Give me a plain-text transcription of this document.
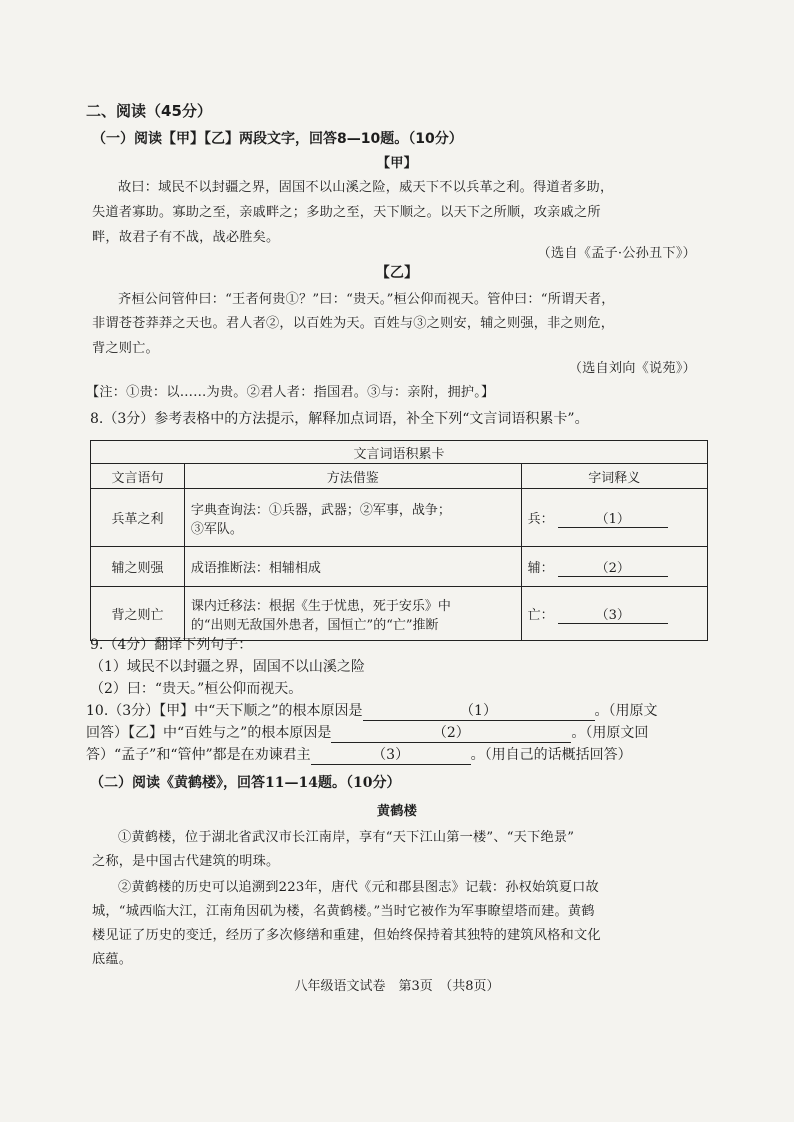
二、阅读（45分）
（一）阅读【甲】【乙】两段文字，回答8—10题。（10分）
【甲】
故曰：域民不以封疆之界，固国不以山溪之险，威天下不以兵革之利。得道者多助，
失道者寡助。寡助之至，亲戚畔之；多助之至，天下顺之。以天下之所顺，攻亲戚之所
畔，故君子有不战，战必胜矣。
（选自《孟子·公孙丑下》）
【乙】
齐桓公问管仲曰：“王者何贵①？”曰：“贵天。”桓公仰而视天。管仲曰：“所谓天者，
非谓苍苍莽莽之天也。君人者②，以百姓为天。百姓与③之则安，辅之则强，非之则危，
背之则亡。
（选自刘向《说苑》）
【注：①贵：以……为贵。②君人者：指国君。③与：亲附，拥护。】
8.（3分）参考表格中的方法提示，解释加点词语，补全下列“文言词语积累卡”。
文言词语积累卡		
文言语句	方法借鉴	字词释义
兵革之利	字典查询法：①兵器，武器；②军事，战争；
③军队。	兵： （1）
辅之则强	成语推断法：相辅相成	辅： （2）
背之则亡	课内迁移法：根据《生于忧患，死于安乐》中
的“出则无敌国外患者，国恒亡”的“亡”推断	亡： （3）
9.（4分）翻译下列句子：
（1）域民不以封疆之界，固国不以山溪之险
（2）曰：“贵天。”桓公仰而视天。
10.（3分）【甲】中“天下顺之”的根本原因是	（1）	。（用原文
回答）【乙】中“百姓与之”的根本原因是	（2）	。（用原文回
答）“孟子”和“管仲”都是在劝谏君主	（3）	。（用自己的话概括回答）
（二）阅读《黄鹤楼》，回答11—14题。（10分）
黄鹤楼
①黄鹤楼，位于湖北省武汉市长江南岸，享有“天下江山第一楼”、“天下绝景”
之称，是中国古代建筑的明珠。
②黄鹤楼的历史可以追溯到223年，唐代《元和郡县图志》记载：孙权始筑夏口故
城，“城西临大江，江南角因矶为楼，名黄鹤楼。”当时它被作为军事瞭望塔而建。黄鹤
楼见证了历史的变迁，经历了多次修缮和重建，但始终保持着其独特的建筑风格和文化
底蕴。
八年级语文试卷　第3页　（共8页）
